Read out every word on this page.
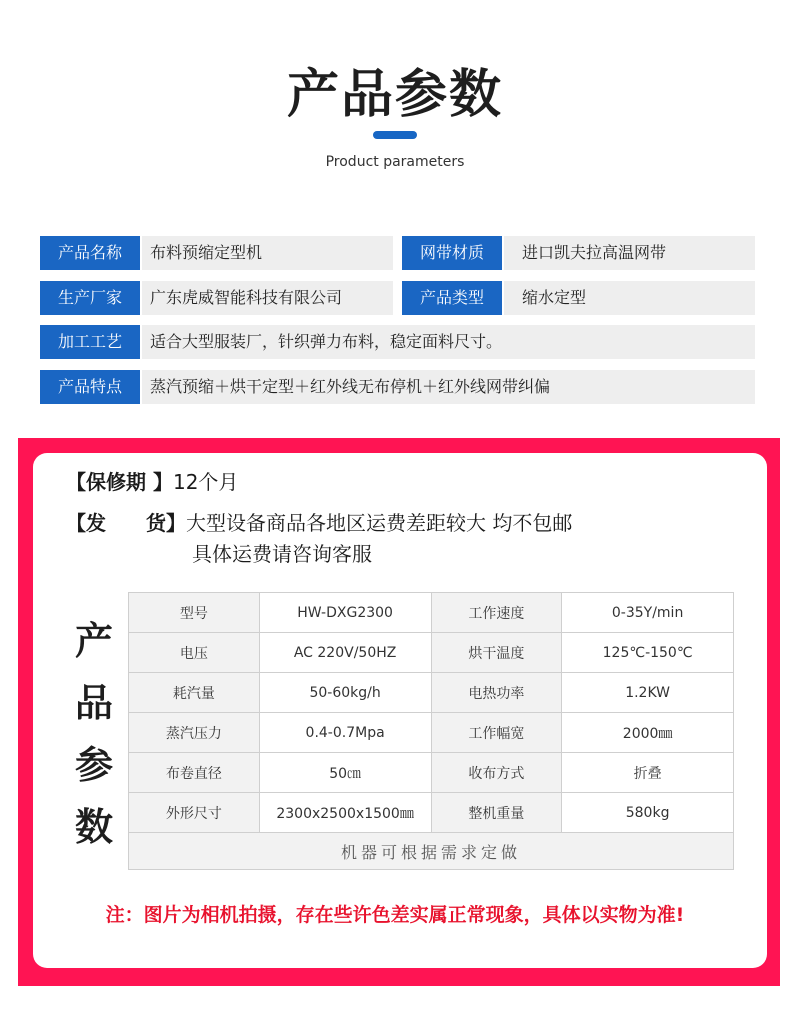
产品参数
Product parameters
产品名称	布料预缩定型机	网带材质	进口凯夫拉高温网带
生产厂家	广东虎威智能科技有限公司	产品类型	缩水定型
加工工艺	适合大型服装厂，针织弹力布料，稳定面料尺寸。
产品特点	蒸汽预缩＋烘干定型＋红外线无布停机＋红外线网带纠偏
【保修期 】12个月
【发　　货】大型设备商品各地区运费差距较大 均不包邮
具体运费请咨询客服
产
品
参
数
型号	HW-DXG2300	工作速度	0-35Y/min
电压	AC 220V/50HZ	烘干温度	125℃-150℃
耗汽量	50-60kg/h	电热功率	1.2KW
蒸汽压力	0.4-0.7Mpa	工作幅宽	2000㎜
布卷直径	50㎝	收布方式	折叠
外形尺寸	2300x2500x1500㎜	整机重量	580kg
机器可根据需求定做			
注：图片为相机拍摄，存在些许色差实属正常现象，具体以实物为准!
